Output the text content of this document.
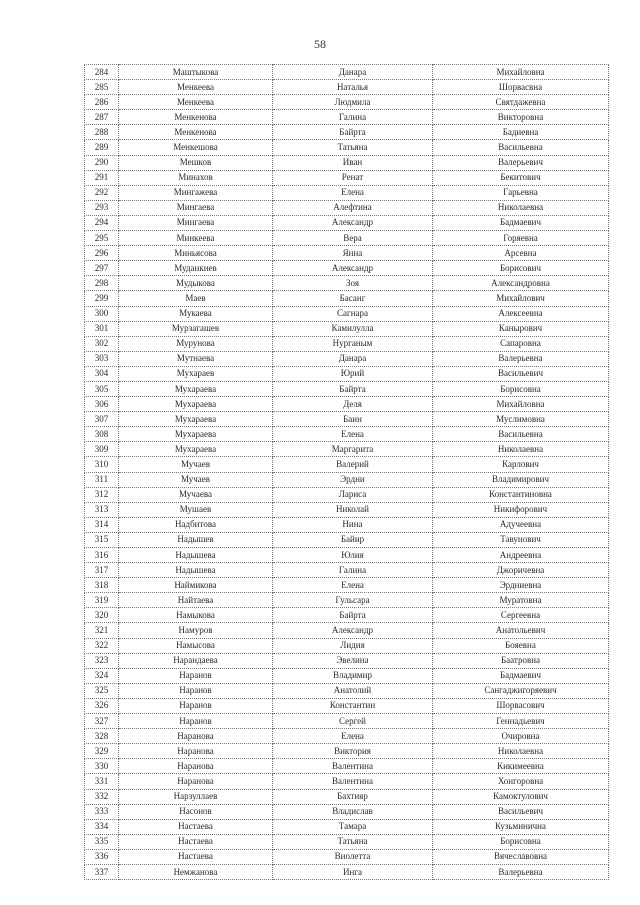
58
284	Маштыкова	Данара	Михайловна
285	Менкеева	Наталья	Шорвасвна
286	Менкеева	Людмила	Святдажевна
287	Менкенова	Галина	Викторовна
288	Менкенова	Байрта	Бадиевна
289	Менкешова	Татьяна	Васильевна
290	Мешков	Иван	Валерьевич
291	Минахов	Ренат	Бекитович
292	Мингажева	Елена	Гарьевна
293	Мингаева	Алефтина	Николаевна
294	Мингаева	Александр	Бадмаевич
295	Минкеева	Вера	Горяевна
296	Миньясова	Янна	Арсевна
297	Муданкнев	Александр	Борисович
298	Мудыкова	Зоя	Александровна
299	Маев	Басанг	Михайлович
300	Мукаева	Сагнара	Алексеевна
301	Мурзагашев	Камилулла	Канырович
302	Мурунова	Нурганым	Сапаровна
303	Мутнаева	Данара	Валерьевна
304	Мухараев	Юрий	Васильевич
305	Мухараева	Байрта	Борисовна
306	Мухараева	Деля	Михайловна
307	Мухараева	Баин	Муслимовна
308	Мухараева	Елена	Васильевна
309	Мухараева	Маргарита	Николаевна
310	Мучаев	Валерий	Карлович
311	Мучаев	Эрдни	Владимирович
312	Мучаева	Лариса	Константиновна
313	Мушаев	Николай	Никифорович
314	Надбитова	Нина	Адучеевна
315	Надышев	Байир	Тавунович
316	Надышева	Юлия	Андреевна
317	Надышева	Галина	Джоричевна
318	Наймикова	Елена	Эрдниевна
319	Найтаева	Гульсара	Муратовна
320	Намыкова	Байрта	Сергеевна
321	Намуров	Александр	Анатольевич
322	Намысова	Лидия	Бояевна
323	Нарандаева	Эвелина	Баатровна
324	Наранов	Владимир	Бадмаевич
325	Наранов	Анатолий	Сангаджигоряевич
326	Наранов	Константин	Шорвасович
327	Наранов	Сергей	Геннадьевич
328	Наранова	Елена	Очировна
329	Наранова	Виктория	Николаевна
330	Наранова	Валентина	Кикимеевна
331	Наранова	Валентина	Хонгоровна
332	Нарзуллаев	Бахтияр	Камоктулович
333	Насонов	Владислав	Васильевич
334	Настаева	Тамара	Кузьминична
335	Настаева	Татьяна	Борисовна
336	Настаева	Виолетта	Вячеславовна
337	Немжанова	Инга	Валерьевна
